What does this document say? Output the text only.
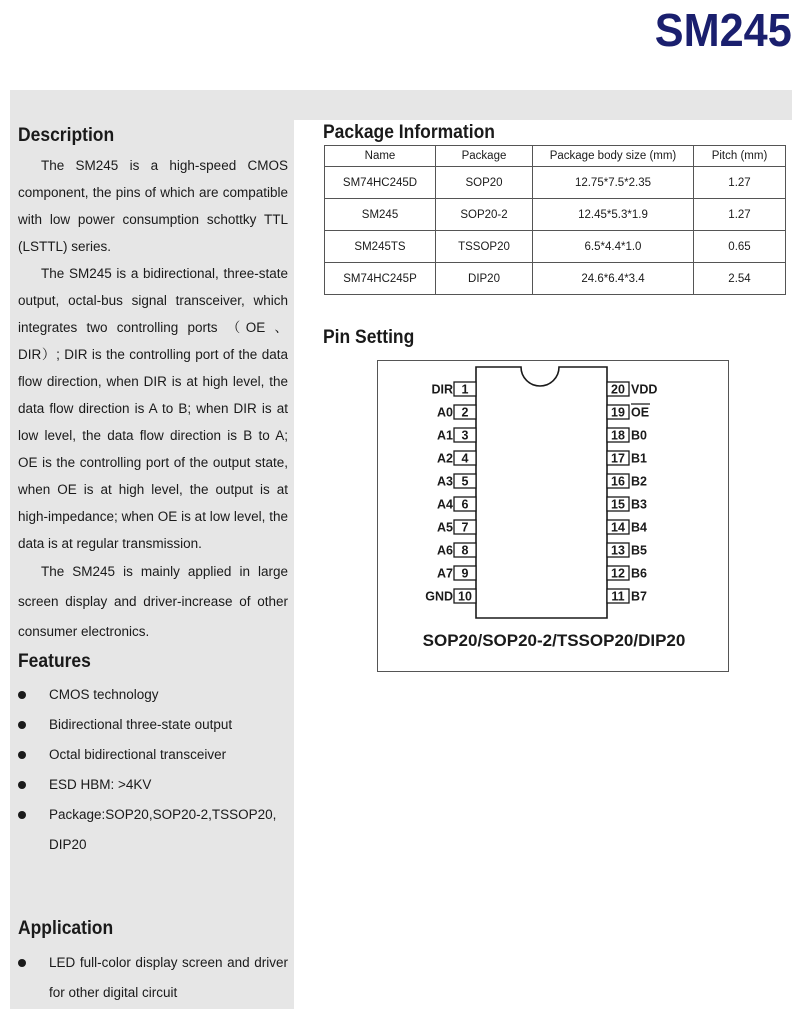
SM245
Description

The SM245 is a high-speed CMOS component, the pins of which are compatible with low power consumption schottky TTL (LSTTL) series.

The SM245 is a bidirectional, three-state output, octal-bus signal transceiver, which integrates two controlling ports （OE 、DIR）; DIR is the controlling port of the data flow direction, when DIR is at high level, the data flow direction is A to B; when DIR is at low level, the data flow direction is B to A; OE is the controlling port of the output state, when OE is at high level, the output is at high-impedance; when OE is at low level, the data is at regular transmission.

The SM245 is mainly applied in large screen display and driver-increase of other consumer electronics.

Features
CMOS technology
Bidirectional three-state output
Octal bidirectional transceiver
ESD HBM: >4KV
Package:SOP20,SOP20-2,TSSOP20, DIP20
Application
LED full-color display screen and driver for other digital circuit
Package Information
Name	Package	Package body size (mm)	Pitch (mm)
SM74HC245D	SOP20	12.75*7.5*2.35	1.27
SM245	SOP20-2	12.45*5.3*1.9	1.27
SM245TS	TSSOP20	6.5*4.4*1.0	0.65
SM74HC245P	DIP20	24.6*6.4*3.4	2.54
Pin Setting
1
DIR
2
A0
3
A1
4
A2
5
A3
6
A4
7
A5
8
A6
9
A7
10
GND
20 VDD
19 OE
18 B0
17 B1
16 B2
15 B3
14 B4
13 B5
12 B6
11 B7
SOP20/SOP20-2/TSSOP20/DIP20
